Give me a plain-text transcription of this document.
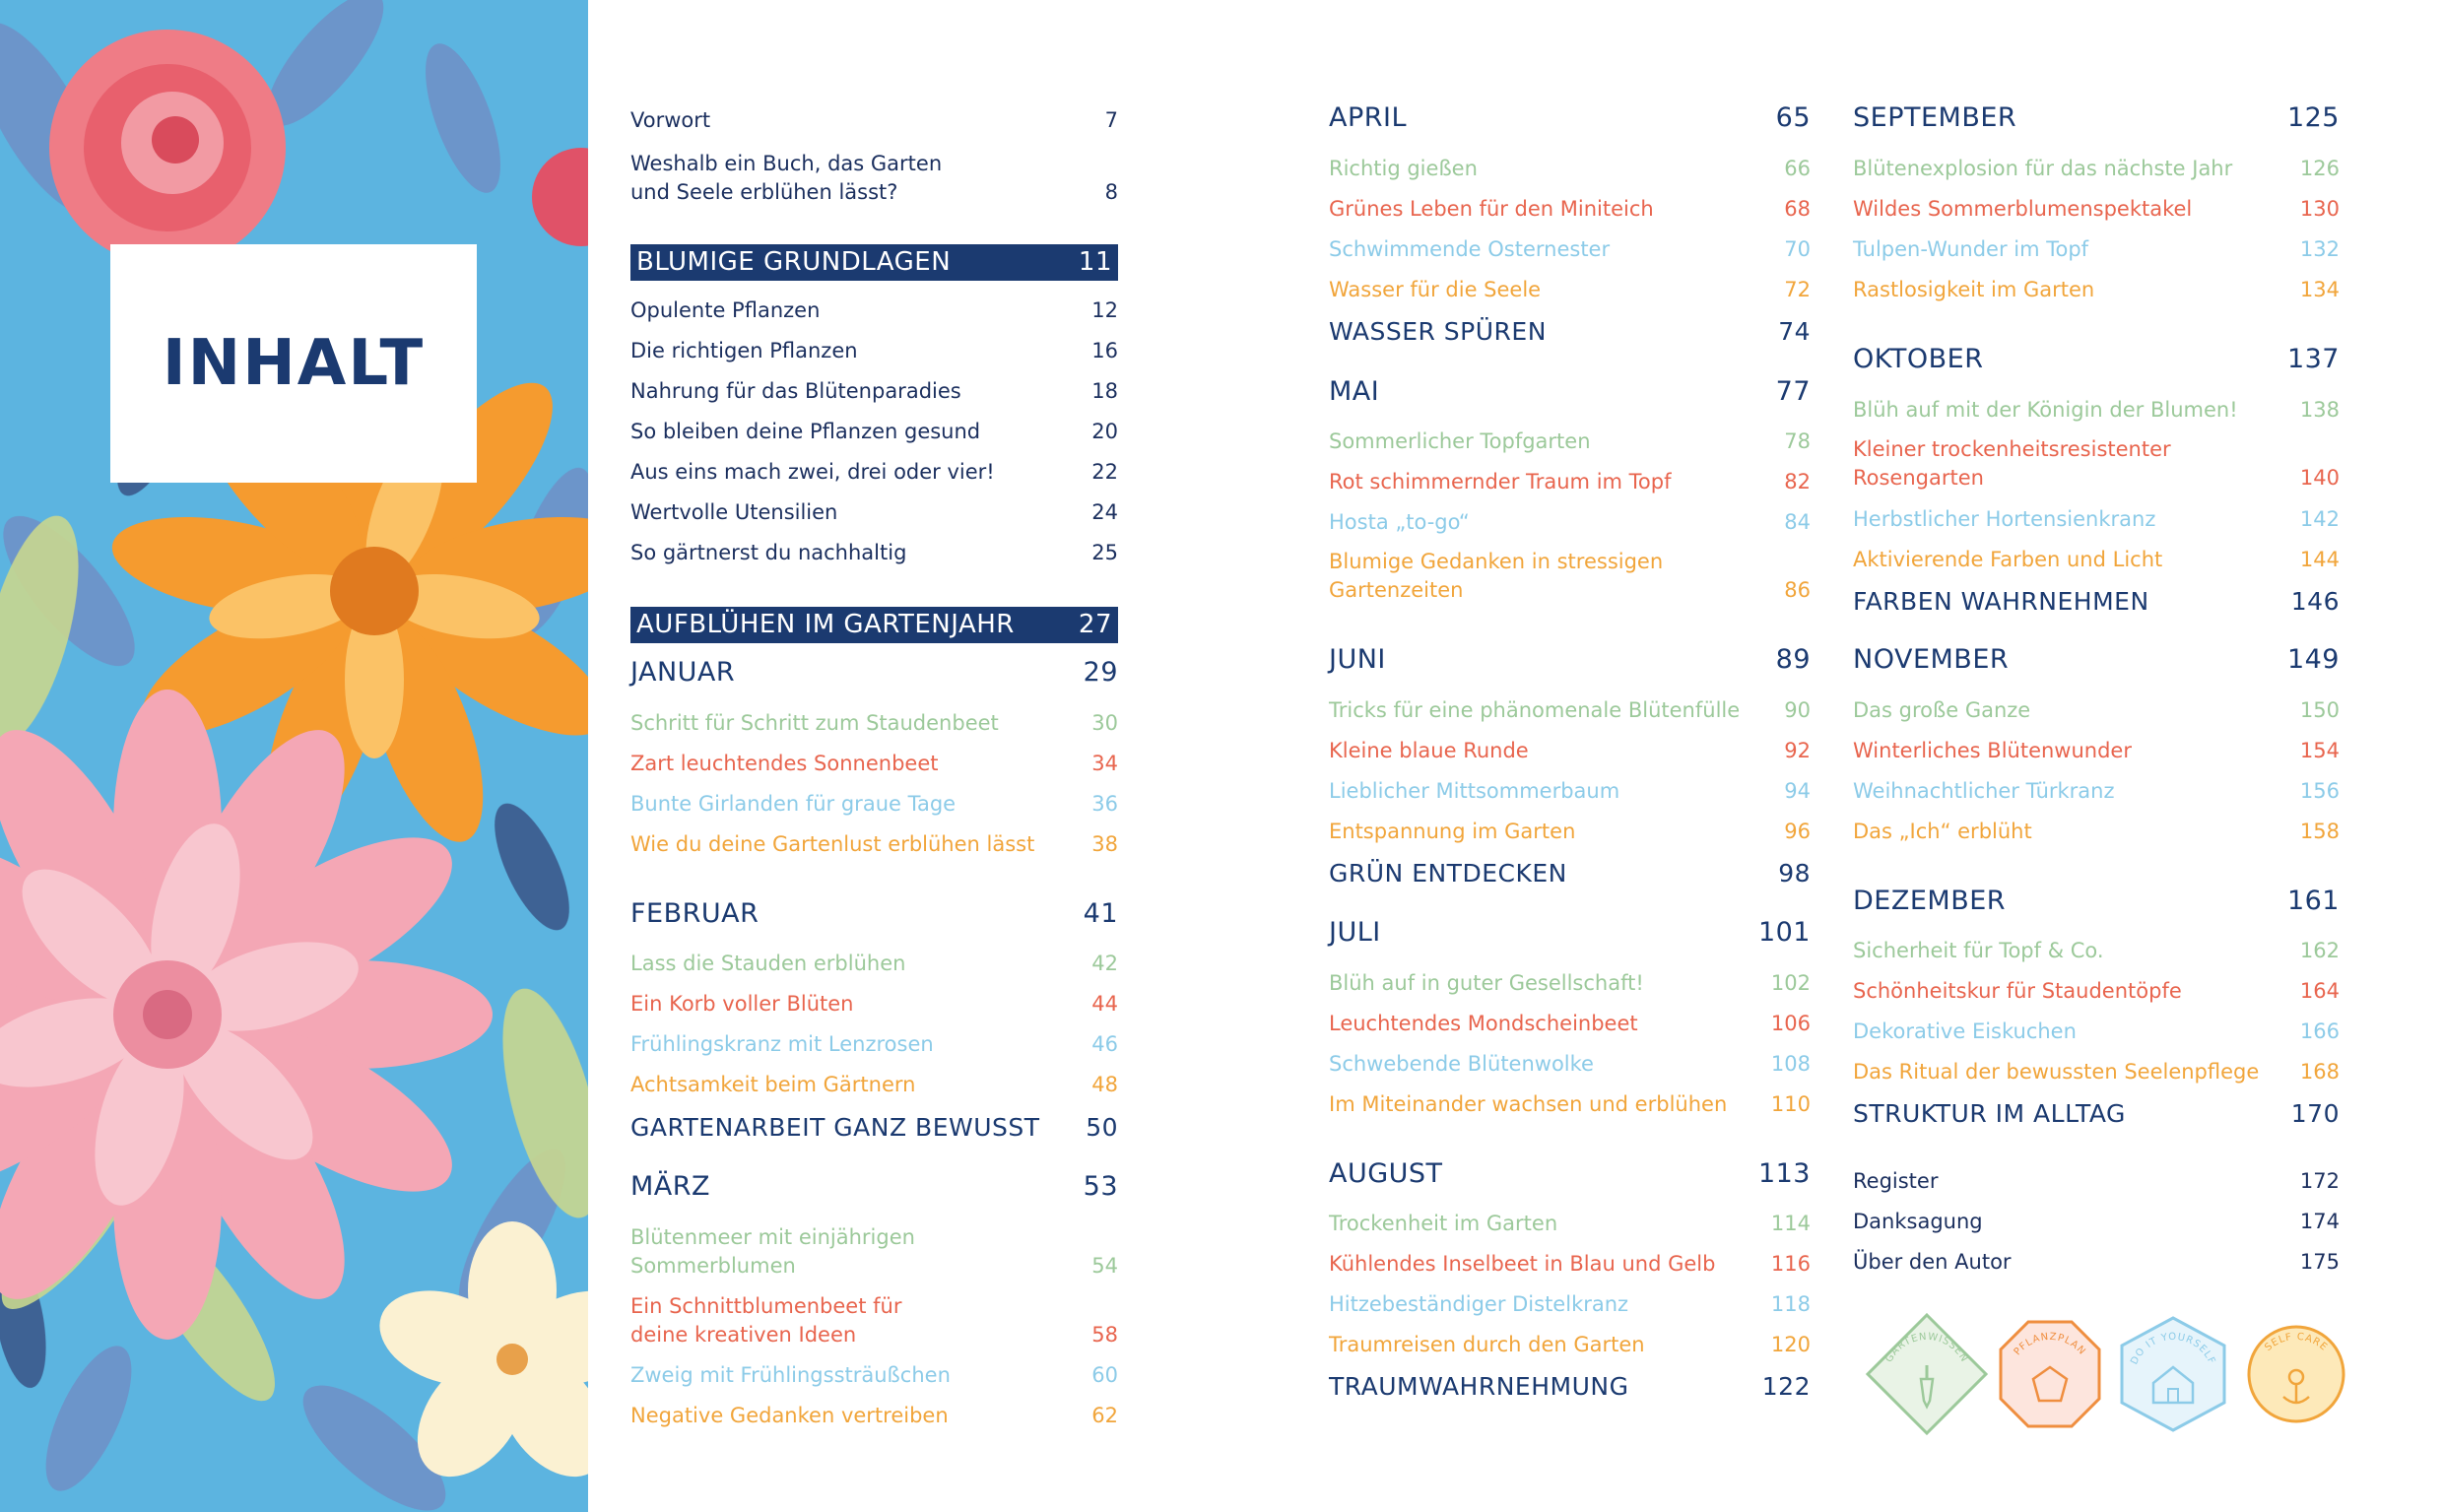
INHALT
Vorwort	7
Weshalb ein Buch, das Garten
und Seele erblühen lässt?	8
BLUMIGE GRUNDLAGEN	11
Opulente Pflanzen	12
Die richtigen Pflanzen	16
Nahrung für das Blütenparadies	18
So bleiben deine Pflanzen gesund	20
Aus eins mach zwei, drei oder vier!	22
Wertvolle Utensilien	24
So gärtnerst du nachhaltig	25
AUFBLÜHEN IM GARTENJAHR	27
JANUAR	29
Schritt für Schritt zum Staudenbeet	30
Zart leuchtendes Sonnenbeet	34
Bunte Girlanden für graue Tage	36
Wie du deine Gartenlust erblühen lässt	38
FEBRUAR	41
Lass die Stauden erblühen	42
Ein Korb voller Blüten	44
Frühlingskranz mit Lenzrosen	46
Achtsamkeit beim Gärtnern	48
GARTENARBEIT GANZ BEWUSST	50
MÄRZ	53
Blütenmeer mit einjährigen
Sommerblumen	54
Ein Schnittblumenbeet für
deine kreativen Ideen	58
Zweig mit Frühlingssträußchen	60
Negative Gedanken vertreiben	62
APRIL	65
Richtig gießen	66
Grünes Leben für den Miniteich	68
Schwimmende Osternester	70
Wasser für die Seele	72
WASSER SPÜREN	74
MAI	77
Sommerlicher Topfgarten	78
Rot schimmernder Traum im Topf	82
Hosta „to-go“	84
Blumige Gedanken in stressigen
Gartenzeiten	86
JUNI	89
Tricks für eine phänomenale Blütenfülle	90
Kleine blaue Runde	92
Lieblicher Mittsommerbaum	94
Entspannung im Garten	96
GRÜN ENTDECKEN	98
JULI	101
Blüh auf in guter Gesellschaft!	102
Leuchtendes Mondscheinbeet	106
Schwebende Blütenwolke	108
Im Miteinander wachsen und erblühen	110
AUGUST	113
Trockenheit im Garten	114
Kühlendes Inselbeet in Blau und Gelb	116
Hitzebeständiger Distelkranz	118
Traumreisen durch den Garten	120
TRAUMWAHRNEHMUNG	122
SEPTEMBER	125
Blütenexplosion für das nächste Jahr	126
Wildes Sommerblumenspektakel	130
Tulpen-Wunder im Topf	132
Rastlosigkeit im Garten	134
OKTOBER	137
Blüh auf mit der Königin der Blumen!	138
Kleiner trockenheitsresistenter
Rosengarten	140
Herbstlicher Hortensienkranz	142
Aktivierende Farben und Licht	144
FARBEN WAHRNEHMEN	146
NOVEMBER	149
Das große Ganze	150
Winterliches Blütenwunder	154
Weihnachtlicher Türkranz	156
Das „Ich“ erblüht	158
DEZEMBER	161
Sicherheit für Topf & Co.	162
Schönheitskur für Staudentöpfe	164
Dekorative Eiskuchen	166
Das Ritual der bewussten Seelenpflege	168
STRUKTUR IM ALLTAG	170
Register	172
Danksagung	174
Über den Autor	175
GARTENWISSEN
PFLANZPLAN
DO IT YOURSELF
SELF CARE
